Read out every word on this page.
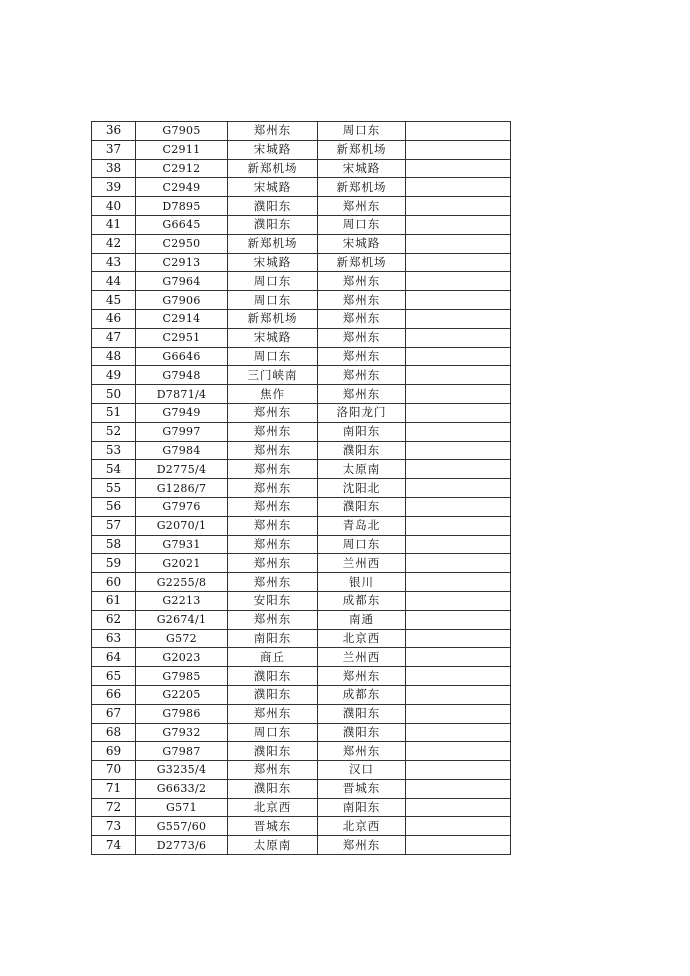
36	G7905	郑州东	周口东	
37	C2911	宋城路	新郑机场	
38	C2912	新郑机场	宋城路	
39	C2949	宋城路	新郑机场	
40	D7895	濮阳东	郑州东	
41	G6645	濮阳东	周口东	
42	C2950	新郑机场	宋城路	
43	C2913	宋城路	新郑机场	
44	G7964	周口东	郑州东	
45	G7906	周口东	郑州东	
46	C2914	新郑机场	郑州东	
47	C2951	宋城路	郑州东	
48	G6646	周口东	郑州东	
49	G7948	三门峡南	郑州东	
50	D7871/4	焦作	郑州东	
51	G7949	郑州东	洛阳龙门	
52	G7997	郑州东	南阳东	
53	G7984	郑州东	濮阳东	
54	D2775/4	郑州东	太原南	
55	G1286/7	郑州东	沈阳北	
56	G7976	郑州东	濮阳东	
57	G2070/1	郑州东	青岛北	
58	G7931	郑州东	周口东	
59	G2021	郑州东	兰州西	
60	G2255/8	郑州东	银川	
61	G2213	安阳东	成都东	
62	G2674/1	郑州东	南通	
63	G572	南阳东	北京西	
64	G2023	商丘	兰州西	
65	G7985	濮阳东	郑州东	
66	G2205	濮阳东	成都东	
67	G7986	郑州东	濮阳东	
68	G7932	周口东	濮阳东	
69	G7987	濮阳东	郑州东	
70	G3235/4	郑州东	汉口	
71	G6633/2	濮阳东	晋城东	
72	G571	北京西	南阳东	
73	G557/60	晋城东	北京西	
74	D2773/6	太原南	郑州东	
